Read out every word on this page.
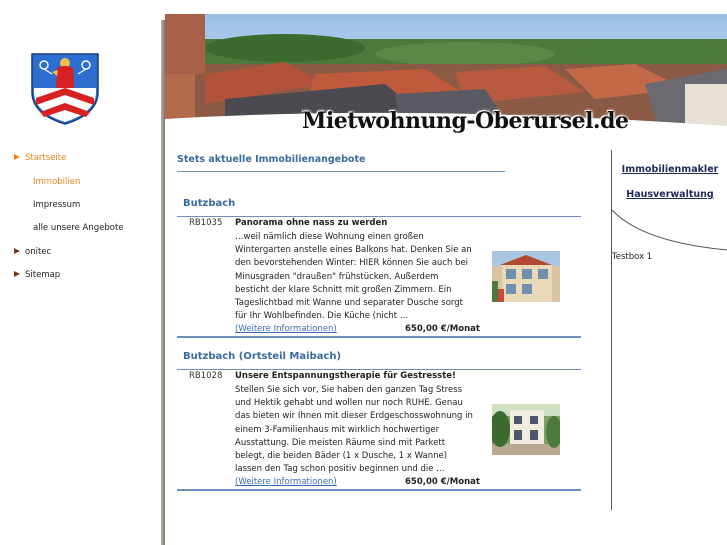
Startseite
Immobilien
Impressum
alle unsere Angebote
onitec
Sitemap
Mietwohnung-Oberursel.de
Stets aktuelle Immobilienangebote
Butzbach
RB1035 Panorama ohne nass zu werden
…weil nämlich diese Wohnung einen großen Wintergarten anstelle eines Balkons hat. Denken Sie an den bevorstehenden Winter: HIER können Sie auch bei Minusgraden "draußen" frühstücken. Außerdem besticht der klare Schnitt mit großen Zimmern. Ein Tageslichtbad mit Wanne und separater Dusche sorgt für Ihr Wohlbefinden. Die Küche (nicht …
(Weitere Informationen)	650,00 €/Monat
Butzbach (Ortsteil Maibach)
RB1028 Unsere Entspannungstherapie für Gestresste!
Stellen Sie sich vor, Sie haben den ganzen Tag Stress und Hektik gehabt und wollen nur noch RUHE. Genau das bieten wir Ihnen mit dieser Erdgeschosswohnung in einem 3-Familienhaus mit wirklich hochwertiger Ausstattung. Die meisten Räume sind mit Parkett belegt, die beiden Bäder (1 x Dusche, 1 x Wanne) lassen den Tag schon positiv beginnen und die …
(Weitere Informationen)	650,00 €/Monat
Immobilienmakler
Hausverwaltung
Testbox 1
